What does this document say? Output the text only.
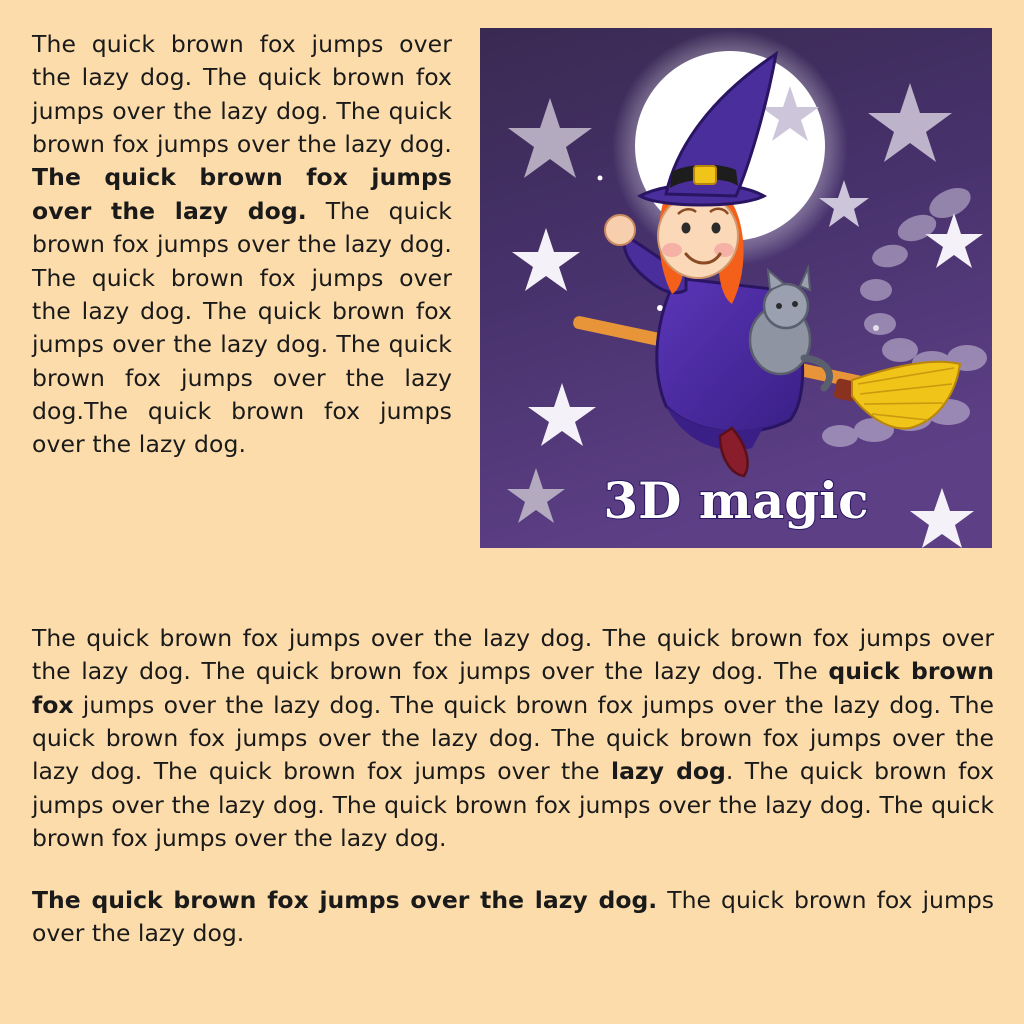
The quick brown fox jumps over the lazy dog. The quick brown fox jumps over the lazy dog. The quick brown fox jumps over the lazy dog. The quick brown fox jumps over the lazy dog. The quick brown fox jumps over the lazy dog. The quick brown fox jumps over the lazy dog. The quick brown fox jumps over the lazy dog. The quick brown fox jumps over the lazy dog.The quick brown fox jumps over the lazy dog.
3D magic

The quick brown fox jumps over the lazy dog. The quick brown fox jumps over the lazy dog. The quick brown fox jumps over the lazy dog. The quick brown fox jumps over the lazy dog. The quick brown fox jumps over the lazy dog. The quick brown fox jumps over the lazy dog. The quick brown fox jumps over the lazy dog. The quick brown fox jumps over the lazy dog. The quick brown fox jumps over the lazy dog. The quick brown fox jumps over the lazy dog. The quick brown fox jumps over the lazy dog.

The quick brown fox jumps over the lazy dog. The quick brown fox jumps over the lazy dog.
